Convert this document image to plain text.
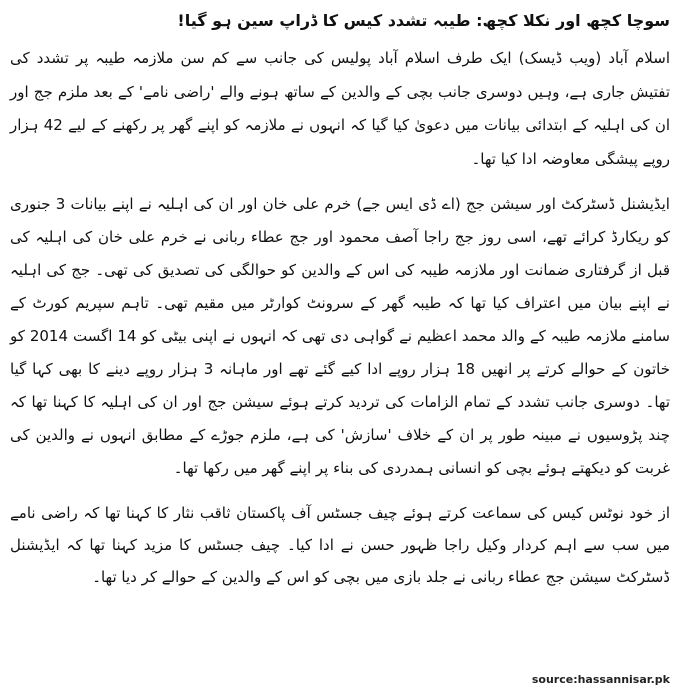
سوچا کچھ اور نکلا کچھ: طیبہ تشدد کیس کا ڈراپ سین ہو گیا!

اسلام آباد (ویب ڈیسک) ایک طرف اسلام آباد پولیس کی جانب سے کم سن ملازمہ طیبہ پر تشدد کی تفتیش جاری ہے، وہیں دوسری جانب بچی کے والدین کے ساتھ ہونے والے 'راضی نامے' کے بعد ملزم جج اور ان کی اہلیہ کے ابتدائی بیانات میں دعویٰ کیا گیا کہ انہوں نے ملازمہ کو اپنے گھر پر رکھنے کے لیے 42 ہزار روپے پیشگی معاوضہ ادا کیا تھا۔

ایڈیشنل ڈسٹرکٹ اور سیشن جج (اے ڈی ایس جے) خرم علی خان اور ان کی اہلیہ نے اپنے بیانات 3 جنوری کو ریکارڈ کرائے تھے، اسی روز جج راجا آصف محمود اور جج عطاء ربانی نے خرم علی خان کی اہلیہ کی قبل از گرفتاری ضمانت اور ملازمہ طیبہ کی اس کے والدین کو حوالگی کی تصدیق کی تھی۔ جج کی اہلیہ نے اپنے بیان میں اعتراف کیا تھا کہ طیبہ گھر کے سرونٹ کوارٹر میں مقیم تھی۔ تاہم سپریم کورٹ کے سامنے ملازمہ طیبہ کے والد محمد اعظیم نے گواہی دی تھی کہ انہوں نے اپنی بیٹی کو 14 اگست 2014 کو خاتون کے حوالے کرتے پر انھیں 18 ہزار روپے ادا کیے گئے تھے اور ماہانہ 3 ہزار روپے دینے کا بھی کہا گیا تھا۔ دوسری جانب تشدد کے تمام الزامات کی تردید کرتے ہوئے سیشن جج اور ان کی اہلیہ کا کہنا تھا کہ چند پڑوسیوں نے مبینہ طور پر ان کے خلاف 'سازش' کی ہے، ملزم جوڑے کے مطابق انہوں نے والدین کی غربت کو دیکھتے ہوئے بچی کو انسانی ہمدردی کی بناء پر اپنے گھر میں رکھا تھا۔

از خود نوٹس کیس کی سماعت کرتے ہوئے چیف جسٹس آف پاکستان ثاقب نثار کا کہنا تھا کہ راضی نامے میں سب سے اہم کردار وکیل راجا ظہور حسن نے ادا کیا۔ چیف جسٹس کا مزید کہنا تھا کہ ایڈیشنل ڈسٹرکٹ سیشن جج عطاء ربانی نے جلد بازی میں بچی کو اس کے والدین کے حوالے کر دیا تھا۔

source:hassannisar.pk
